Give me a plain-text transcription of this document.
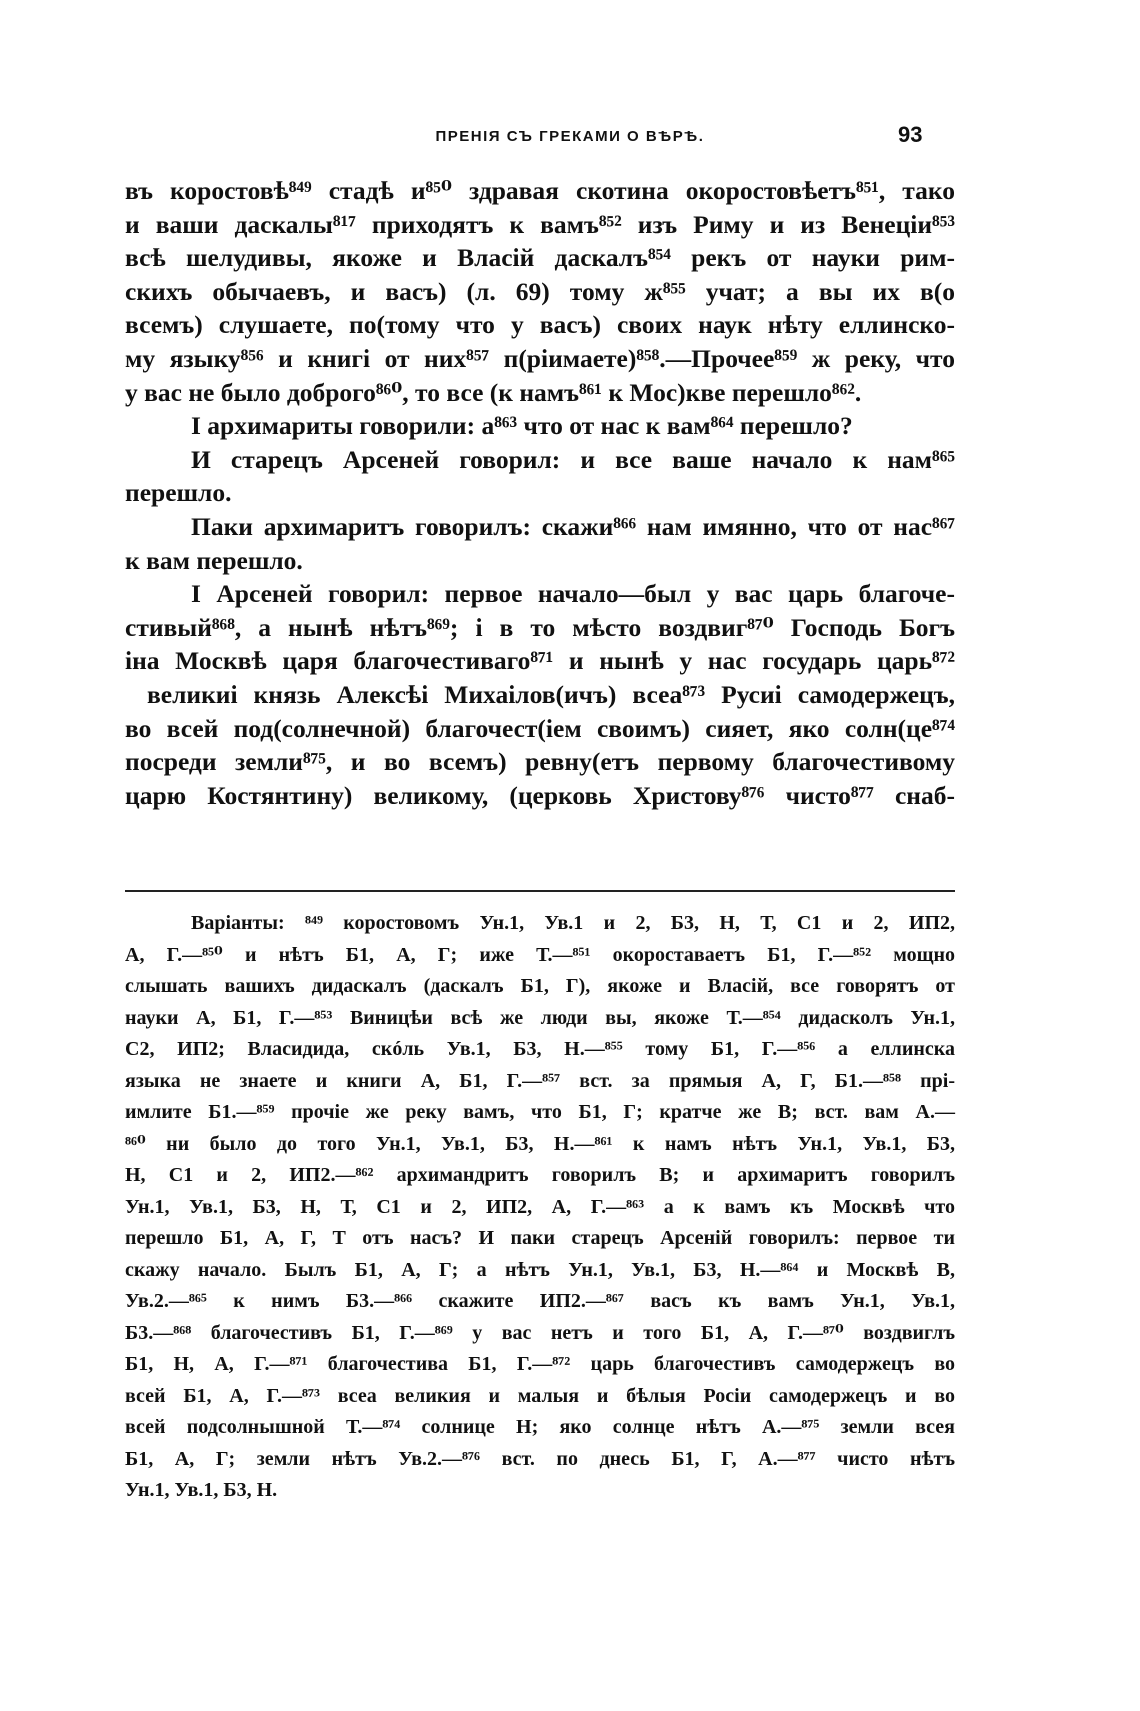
ПРЕНІЯ СЪ ГРЕКАМИ О ВѢРѢ.	93
въ коростовѣ⁸⁴⁹ стадѣ и⁸⁵⁰ здравая скотина окоростовѣетъ⁸⁵¹, тако
и ваши даскалы⁸¹⁷ приходятъ к вамъ⁸⁵² изъ Риму и из Венеціи⁸⁵³
всѣ шелудивы, якоже и Власій даскалъ⁸⁵⁴ рекъ от науки рим-
скихъ обычаевъ, и васъ) (л. 69) тому ж⁸⁵⁵ учат; а вы их в(о
всемъ) слушаете, по(тому что у васъ) своих наук нѣту еллинско-
му языку⁸⁵⁶ и книгі от них⁸⁵⁷ п(ріимаете)⁸⁵⁸.—Прочее⁸⁵⁹ ж реку, что
у вас не было доброго⁸⁶⁰, то все (к намъ⁸⁶¹ к Мос)кве перешло⁸⁶².
І архимариты говорили: а⁸⁶³ что от нас к вам⁸⁶⁴ перешло?
И старецъ Арсеней говорил: и все ваше начало к нам⁸⁶⁵
перешло.
Паки архимаритъ говорилъ: скажи⁸⁶⁶ нам имянно, что от нас⁸⁶⁷
к вам перешло.
І Арсеней говорил: первое начало—был у вас царь благоче-
стивый⁸⁶⁸, а нынѣ нѣтъ⁸⁶⁹; і в то мѣсто воздвиг⁸⁷⁰ Господь Богъ
іна Москвѣ царя благочестиваго⁸⁷¹ и нынѣ у нас государь царь⁸⁷²
великиі князь Алексѣі Михаілов(ичъ) всеа⁸⁷³ Русиі самодержецъ,
во всей под(солнечной) благочест(іем своимъ) сияет, яко солн(це⁸⁷⁴
посреди земли⁸⁷⁵, и во всемъ) ревну(етъ первому благочестивому
царю Костянтину) великому, (церковь Христову⁸⁷⁶ чисто⁸⁷⁷ снаб-
Варіанты: ⁸⁴⁹ коростовомъ Ун.1, Ув.1 и 2, Б3, Н, Т, С1 и 2, ИП2,
А, Г.—⁸⁵⁰ и нѣтъ Б1, А, Г; иже Т.—⁸⁵¹ окороставаетъ Б1, Г.—⁸⁵² мощно
слышать вашихъ дидаскалъ (даскалъ Б1, Г), якоже и Власій, все говорятъ от
науки А, Б1, Г.—⁸⁵³ Виницѣи всѣ же люди вы, якоже Т.—⁸⁵⁴ дидасколъ Ун.1,
С2, ИП2; Власидида, скóль Ув.1, Б3, Н.—⁸⁵⁵ тому Б1, Г.—⁸⁵⁶ а еллинска
языка не знаете и книги А, Б1, Г.—⁸⁵⁷ вст. за прямыя А, Г, Б1.—⁸⁵⁸ прі-
имлите Б1.—⁸⁵⁹ прочіе же реку вамъ, что Б1, Г; кратче же В; вст. вам А.—
⁸⁶⁰ ни было до того Ун.1, Ув.1, Б3, Н.—⁸⁶¹ к намъ нѣтъ Ун.1, Ув.1, Б3,
Н, С1 и 2, ИП2.—⁸⁶² архимандритъ говорилъ В; и архимаритъ говорилъ
Ун.1, Ув.1, Б3, Н, Т, С1 и 2, ИП2, А, Г.—⁸⁶³ а к вамъ къ Москвѣ что
перешло Б1, А, Г, Т отъ насъ? И паки старецъ Арсеній говорилъ: первое ти
скажу начало. Былъ Б1, А, Г; а нѣтъ Ун.1, Ув.1, Б3, Н.—⁸⁶⁴ и Москвѣ В,
Ув.2.—⁸⁶⁵ к нимъ Б3.—⁸⁶⁶ скажите ИП2.—⁸⁶⁷ васъ къ вамъ Ун.1, Ув.1,
Б3.—⁸⁶⁸ благочестивъ Б1, Г.—⁸⁶⁹ у вас нетъ и того Б1, А, Г.—⁸⁷⁰ воздвиглъ
Б1, Н, А, Г.—⁸⁷¹ благочестива Б1, Г.—⁸⁷² царь благочестивъ самодержецъ во
всей Б1, А, Г.—⁸⁷³ всеа великия и малыя и бѣлыя Росіи самодержецъ и во
всей подсолнышной Т.—⁸⁷⁴ солнице Н; яко солнце нѣтъ А.—⁸⁷⁵ земли всея
Б1, А, Г; земли нѣтъ Ув.2.—⁸⁷⁶ вст. по днесь Б1, Г, А.—⁸⁷⁷ чисто нѣтъ
Ун.1, Ув.1, Б3, Н.
